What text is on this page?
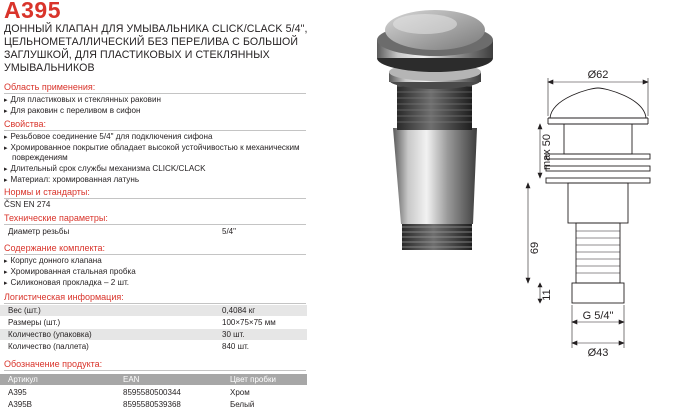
A395
ДОННЫЙ КЛАПАН ДЛЯ УМЫВАЛЬНИКА CLICK/CLACK 5/4", ЦЕЛЬНОМЕТАЛЛИЧЕСКИЙ БЕЗ ПЕРЕЛИВА С БОЛЬШОЙ ЗАГЛУШКОЙ, ДЛЯ ПЛАСТИКОВЫХ И СТЕКЛЯННЫХ УМЫВАЛЬНИКОВ
Область применения:
▸ Для пластиковых и стеклянных раковин
▸ Для раковин с переливом в сифон
Свойства:
▸ Резьбовое соединение 5/4" для подключения сифона
▸ Хромированное покрытие обладает высокой устойчивостью к механическим
повреждениям
▸ Длительный срок службы механизма CLICK/CLACK
▸ Материал: хромированная латунь
Нормы и стандарты:
ČSN EN 274
Технические параметры:
Диаметр резьбы	5/4"
Содержание комплекта:
▸ Корпус донного клапана
▸ Хромированная стальная пробка
▸ Силиконовая прокладка – 2 шт.
Логистическая информация:
Вес (шт.)	0,4084 кг
Размеры (шт.)	100×75×75 мм
Количество (упаковка)	30 шт.
Количество (паллета)	840 шт.
Обозначение продукта:
Артикул	EAN	Цвет пробки
A395	8595580500344	Хром
A395B	8595580539368	Белый
Ø62
max 50
69
11
G 5/4"
Ø43
